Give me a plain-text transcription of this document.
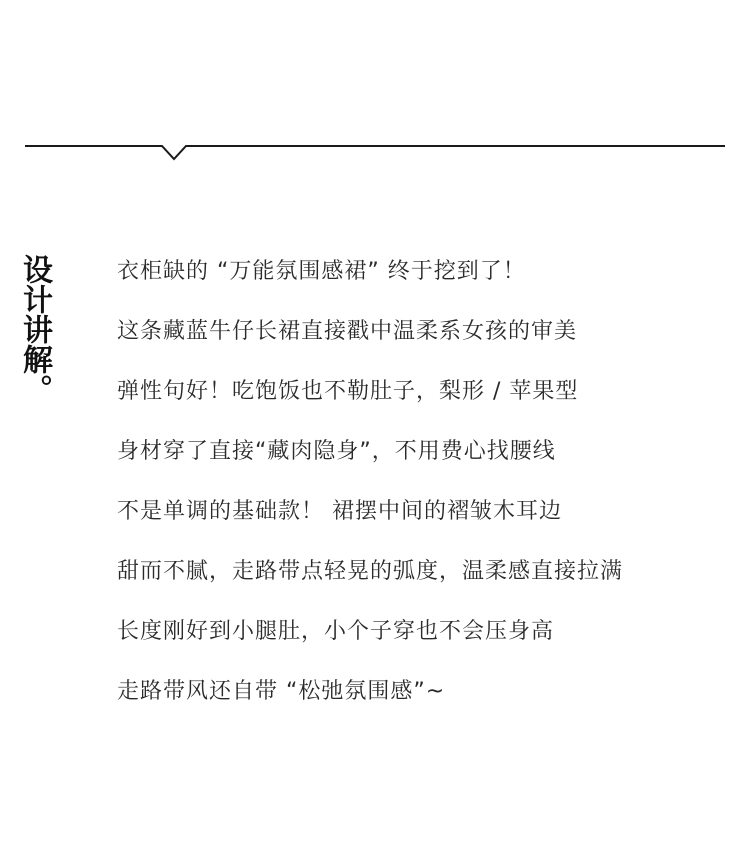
设计讲解。	衣柜缺的 “万能氛围感裙” 终于挖到了！
这条藏蓝牛仔长裙直接戳中温柔系女孩的审美
弹性句好！吃饱饭也不勒肚子，梨形 / 苹果型
身材穿了直接“藏肉隐身”，不用费心找腰线
不是单调的基础款！ 裙摆中间的褶皱木耳边
甜而不腻，走路带点轻晃的弧度，温柔感直接拉满
长度刚好到小腿肚，小个子穿也不会压身高
走路带风还自带 “松弛氛围感”~
